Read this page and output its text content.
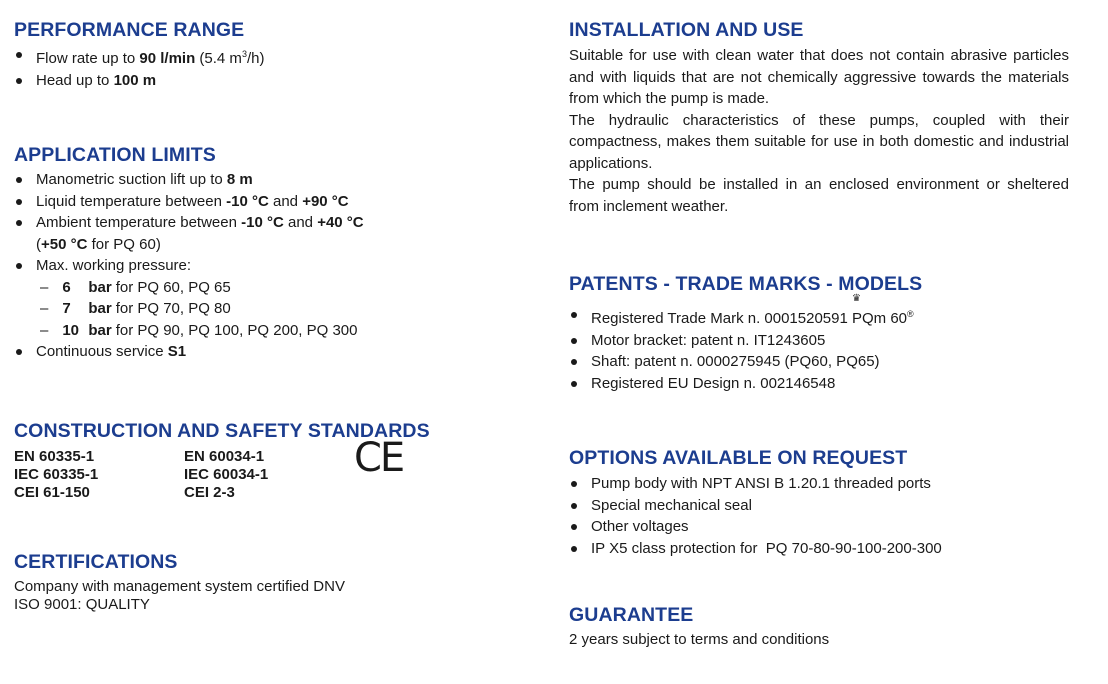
PERFORMANCE RANGE
Flow rate up to 90 l/min (5.4 $m^3/h$)
Head up to 100 m
APPLICATION LIMITS
Manometric suction lift up to 8 m
Liquid temperature between -10 °C and +90 °C
Ambient temperature between -10 °C and +40 °C
(+50 °C for PQ 60)
Max. working pressure:
– 6 bar for PQ 60, PQ 65
– 7 bar for PQ 70, PQ 80
– 10 bar for PQ 90, PQ 100, PQ 200, PQ 300
Continuous service S1
CONSTRUCTION AND SAFETY STANDARDS
EN 60335-1
IEC 60335-1
CEI 61-150
EN 60034-1
IEC 60034-1
CEI 2-3
CE
CERTIFICATIONS
Company with management system certified DNV
ISO 9001: QUALITY
INSTALLATION AND USE

Suitable for use with clean water that does not contain abrasive particles and with liquids that are not chemically aggressive towards the materials from which the pump is made.

The hydraulic characteristics of these pumps, coupled with their compactness, makes them suitable for use in both domestic and industrial applications.

The pump should be installed in an enclosed environment or sheltered from inclement weather.

PATENTS - TRADE MARKS - MODELS
Registered Trade Mark n. 0001520591
♛
PQm 60®
Motor bracket: patent n. IT1243605
Shaft: patent n. 0000275945 (PQ60, PQ65)
Registered EU Design n. 002146548
OPTIONS AVAILABLE ON REQUEST
Pump body with NPT ANSI B 1.20.1 threaded ports
Special mechanical seal
Other voltages
IP X5 class protection for  PQ 70-80-90-100-200-300
GUARANTEE
2 years subject to terms and conditions
